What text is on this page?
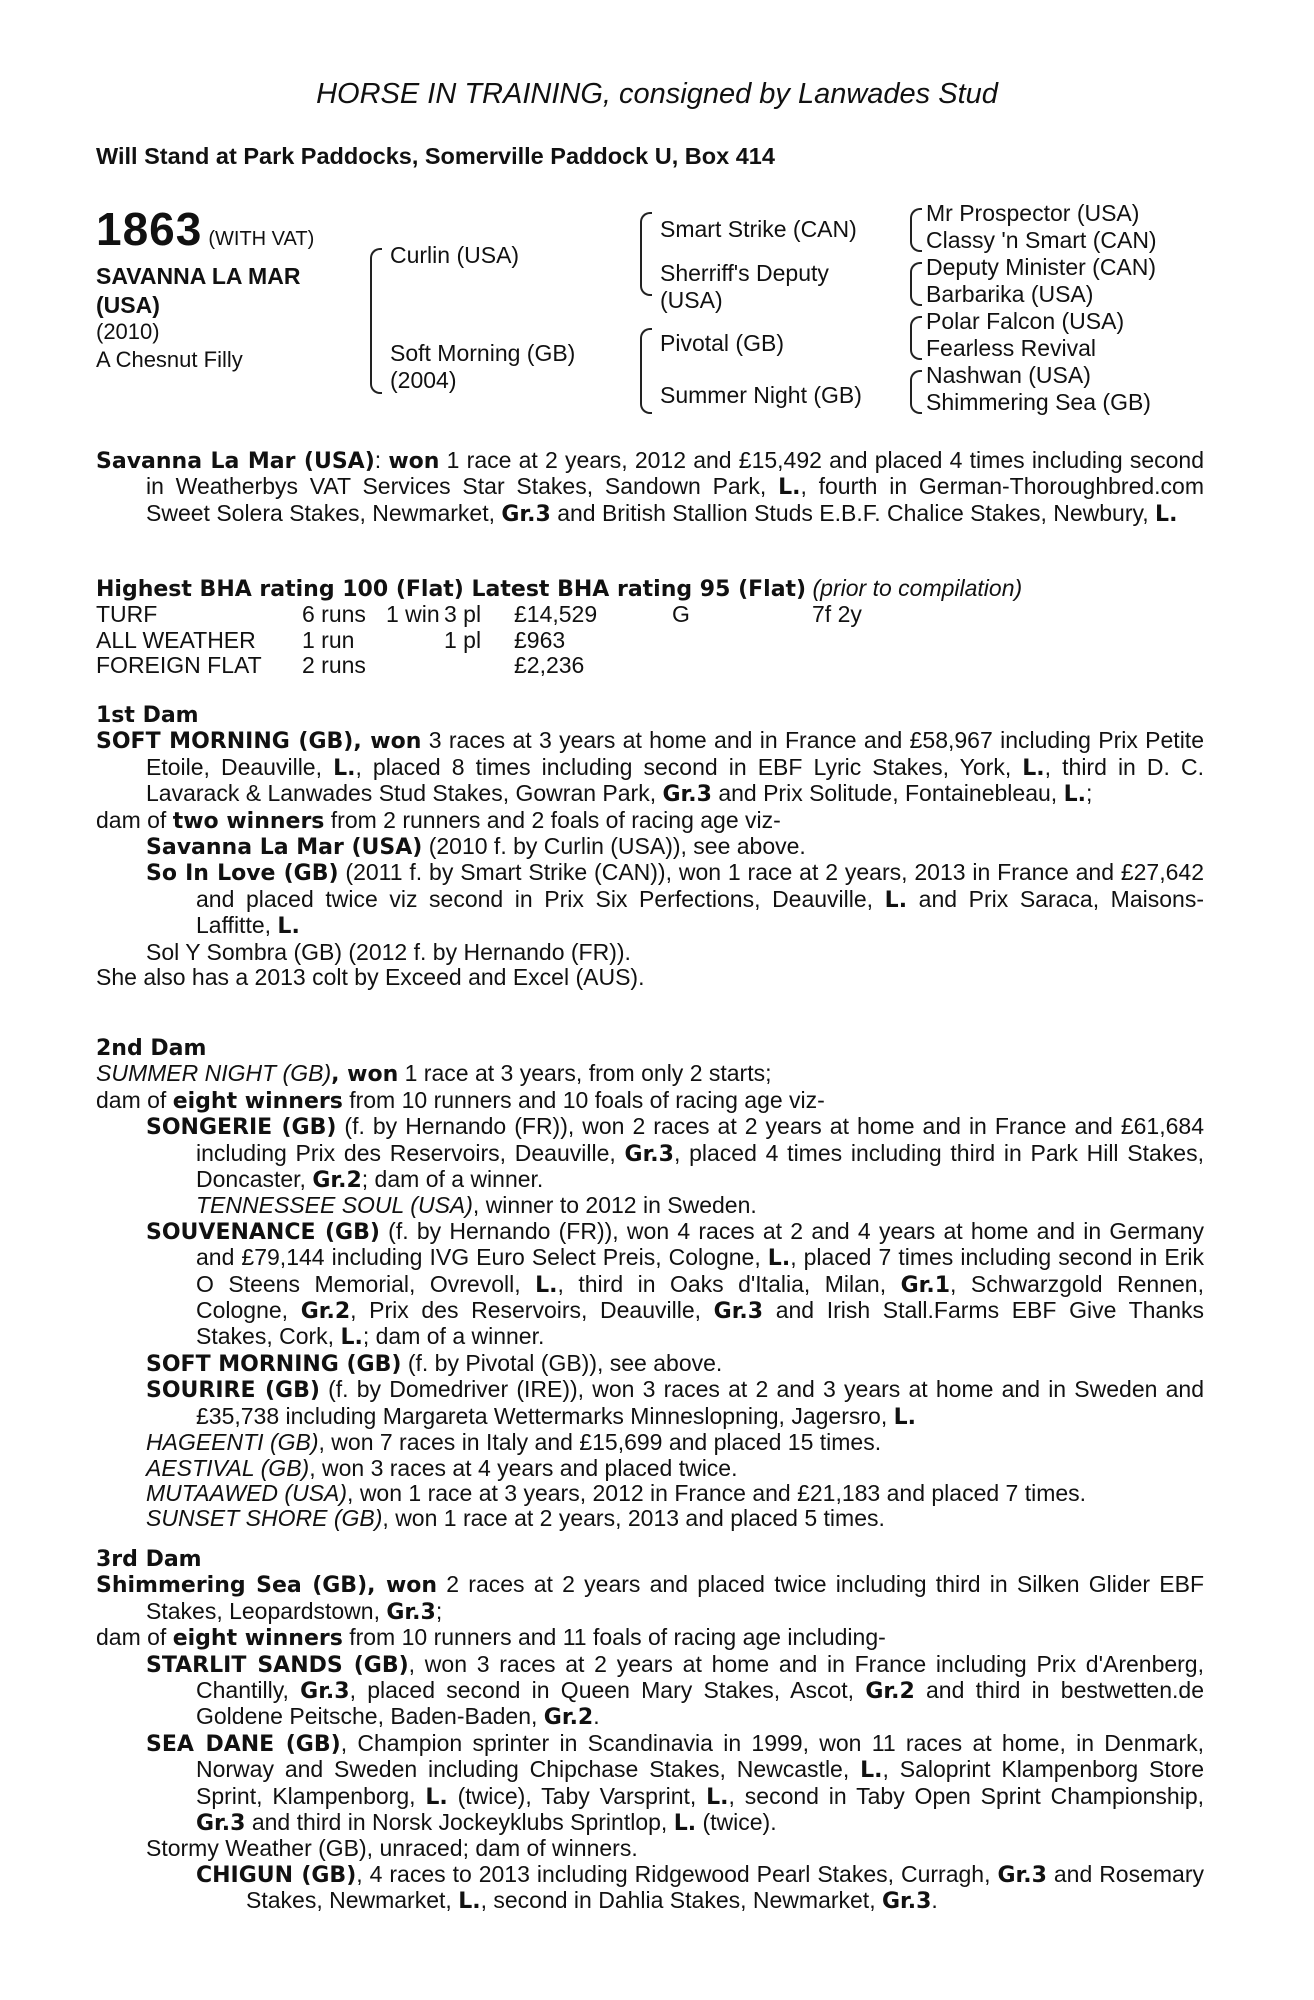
HORSE IN TRAINING, consigned by Lanwades Stud
Will Stand at Park Paddocks, Somerville Paddock U, Box 414
1863 (WITH VAT)
SAVANNA LA MAR
(USA)
(2010)
A Chesnut Filly
Curlin (USA)
Soft Morning (GB)
(2004)
Smart Strike (CAN)
Sherriff's Deputy
(USA)
Pivotal (GB)
Summer Night (GB)
Mr Prospector (USA)
Classy 'n Smart (CAN)
Deputy Minister (CAN)
Barbarika (USA)
Polar Falcon (USA)
Fearless Revival
Nashwan (USA)
Shimmering Sea (GB)

Savanna La Mar (USA): won 1 race at 2 years, 2012 and £15,492 and placed 4 times including second in Weatherbys VAT Services Star Stakes, Sandown Park, L., fourth in German-Thoroughbred.com Sweet Solera Stakes, Newmarket, Gr.3 and British Stallion Studs E.B.F. Chalice Stakes, Newbury, L.

Highest BHA rating 100 (Flat) Latest BHA rating 95 (Flat) (prior to compilation)

TURF	6 runs	1 win	3 pl	£14,529	G	7f 2y
ALL WEATHER	1 run		1 pl	£963		
FOREIGN FLAT	2 runs			£2,236		

1st Dam

SOFT MORNING (GB), won 3 races at 3 years at home and in France and £58,967 including Prix Petite Etoile, Deauville, L., placed 8 times including second in EBF Lyric Stakes, York, L., third in D. C. Lavarack & Lanwades Stud Stakes, Gowran Park, Gr.3 and Prix Solitude, Fontainebleau, L.;

dam of two winners from 2 runners and 2 foals of racing age viz-

Savanna La Mar (USA) (2010 f. by Curlin (USA)), see above.

So In Love (GB) (2011 f. by Smart Strike (CAN)), won 1 race at 2 years, 2013 in France and £27,642 and placed twice viz second in Prix Six Perfections, Deauville, L. and Prix Saraca, Maisons-Laffitte, L.

Sol Y Sombra (GB) (2012 f. by Hernando (FR)).

She also has a 2013 colt by Exceed and Excel (AUS).

2nd Dam

SUMMER NIGHT (GB), won 1 race at 3 years, from only 2 starts;

dam of eight winners from 10 runners and 10 foals of racing age viz-

SONGERIE (GB) (f. by Hernando (FR)), won 2 races at 2 years at home and in France and £61,684 including Prix des Reservoirs, Deauville, Gr.3, placed 4 times including third in Park Hill Stakes, Doncaster, Gr.2; dam of a winner.

TENNESSEE SOUL (USA), winner to 2012 in Sweden.

SOUVENANCE (GB) (f. by Hernando (FR)), won 4 races at 2 and 4 years at home and in Germany and £79,144 including IVG Euro Select Preis, Cologne, L., placed 7 times including second in Erik O Steens Memorial, Ovrevoll, L., third in Oaks d'Italia, Milan, Gr.1, Schwarzgold Rennen, Cologne, Gr.2, Prix des Reservoirs, Deauville, Gr.3 and Irish Stall.Farms EBF Give Thanks Stakes, Cork, L.; dam of a winner.

SOFT MORNING (GB) (f. by Pivotal (GB)), see above.

SOURIRE (GB) (f. by Domedriver (IRE)), won 3 races at 2 and 3 years at home and in Sweden and £35,738 including Margareta Wettermarks Minneslopning, Jagersro, L.

HAGEENTI (GB), won 7 races in Italy and £15,699 and placed 15 times.

AESTIVAL (GB), won 3 races at 4 years and placed twice.

MUTAAWED (USA), won 1 race at 3 years, 2012 in France and £21,183 and placed 7 times.

SUNSET SHORE (GB), won 1 race at 2 years, 2013 and placed 5 times.

3rd Dam

Shimmering Sea (GB), won 2 races at 2 years and placed twice including third in Silken Glider EBF Stakes, Leopardstown, Gr.3;

dam of eight winners from 10 runners and 11 foals of racing age including-

STARLIT SANDS (GB), won 3 races at 2 years at home and in France including Prix d'Arenberg, Chantilly, Gr.3, placed second in Queen Mary Stakes, Ascot, Gr.2 and third in bestwetten.de Goldene Peitsche, Baden-Baden, Gr.2.

SEA DANE (GB), Champion sprinter in Scandinavia in 1999, won 11 races at home, in Denmark, Norway and Sweden including Chipchase Stakes, Newcastle, L., Saloprint Klampenborg Store Sprint, Klampenborg, L. (twice), Taby Varsprint, L., second in Taby Open Sprint Championship, Gr.3 and third in Norsk Jockeyklubs Sprintlop, L. (twice).

Stormy Weather (GB), unraced; dam of winners.

CHIGUN (GB), 4 races to 2013 including Ridgewood Pearl Stakes, Curragh, Gr.3 and Rosemary Stakes, Newmarket, L., second in Dahlia Stakes, Newmarket, Gr.3.
